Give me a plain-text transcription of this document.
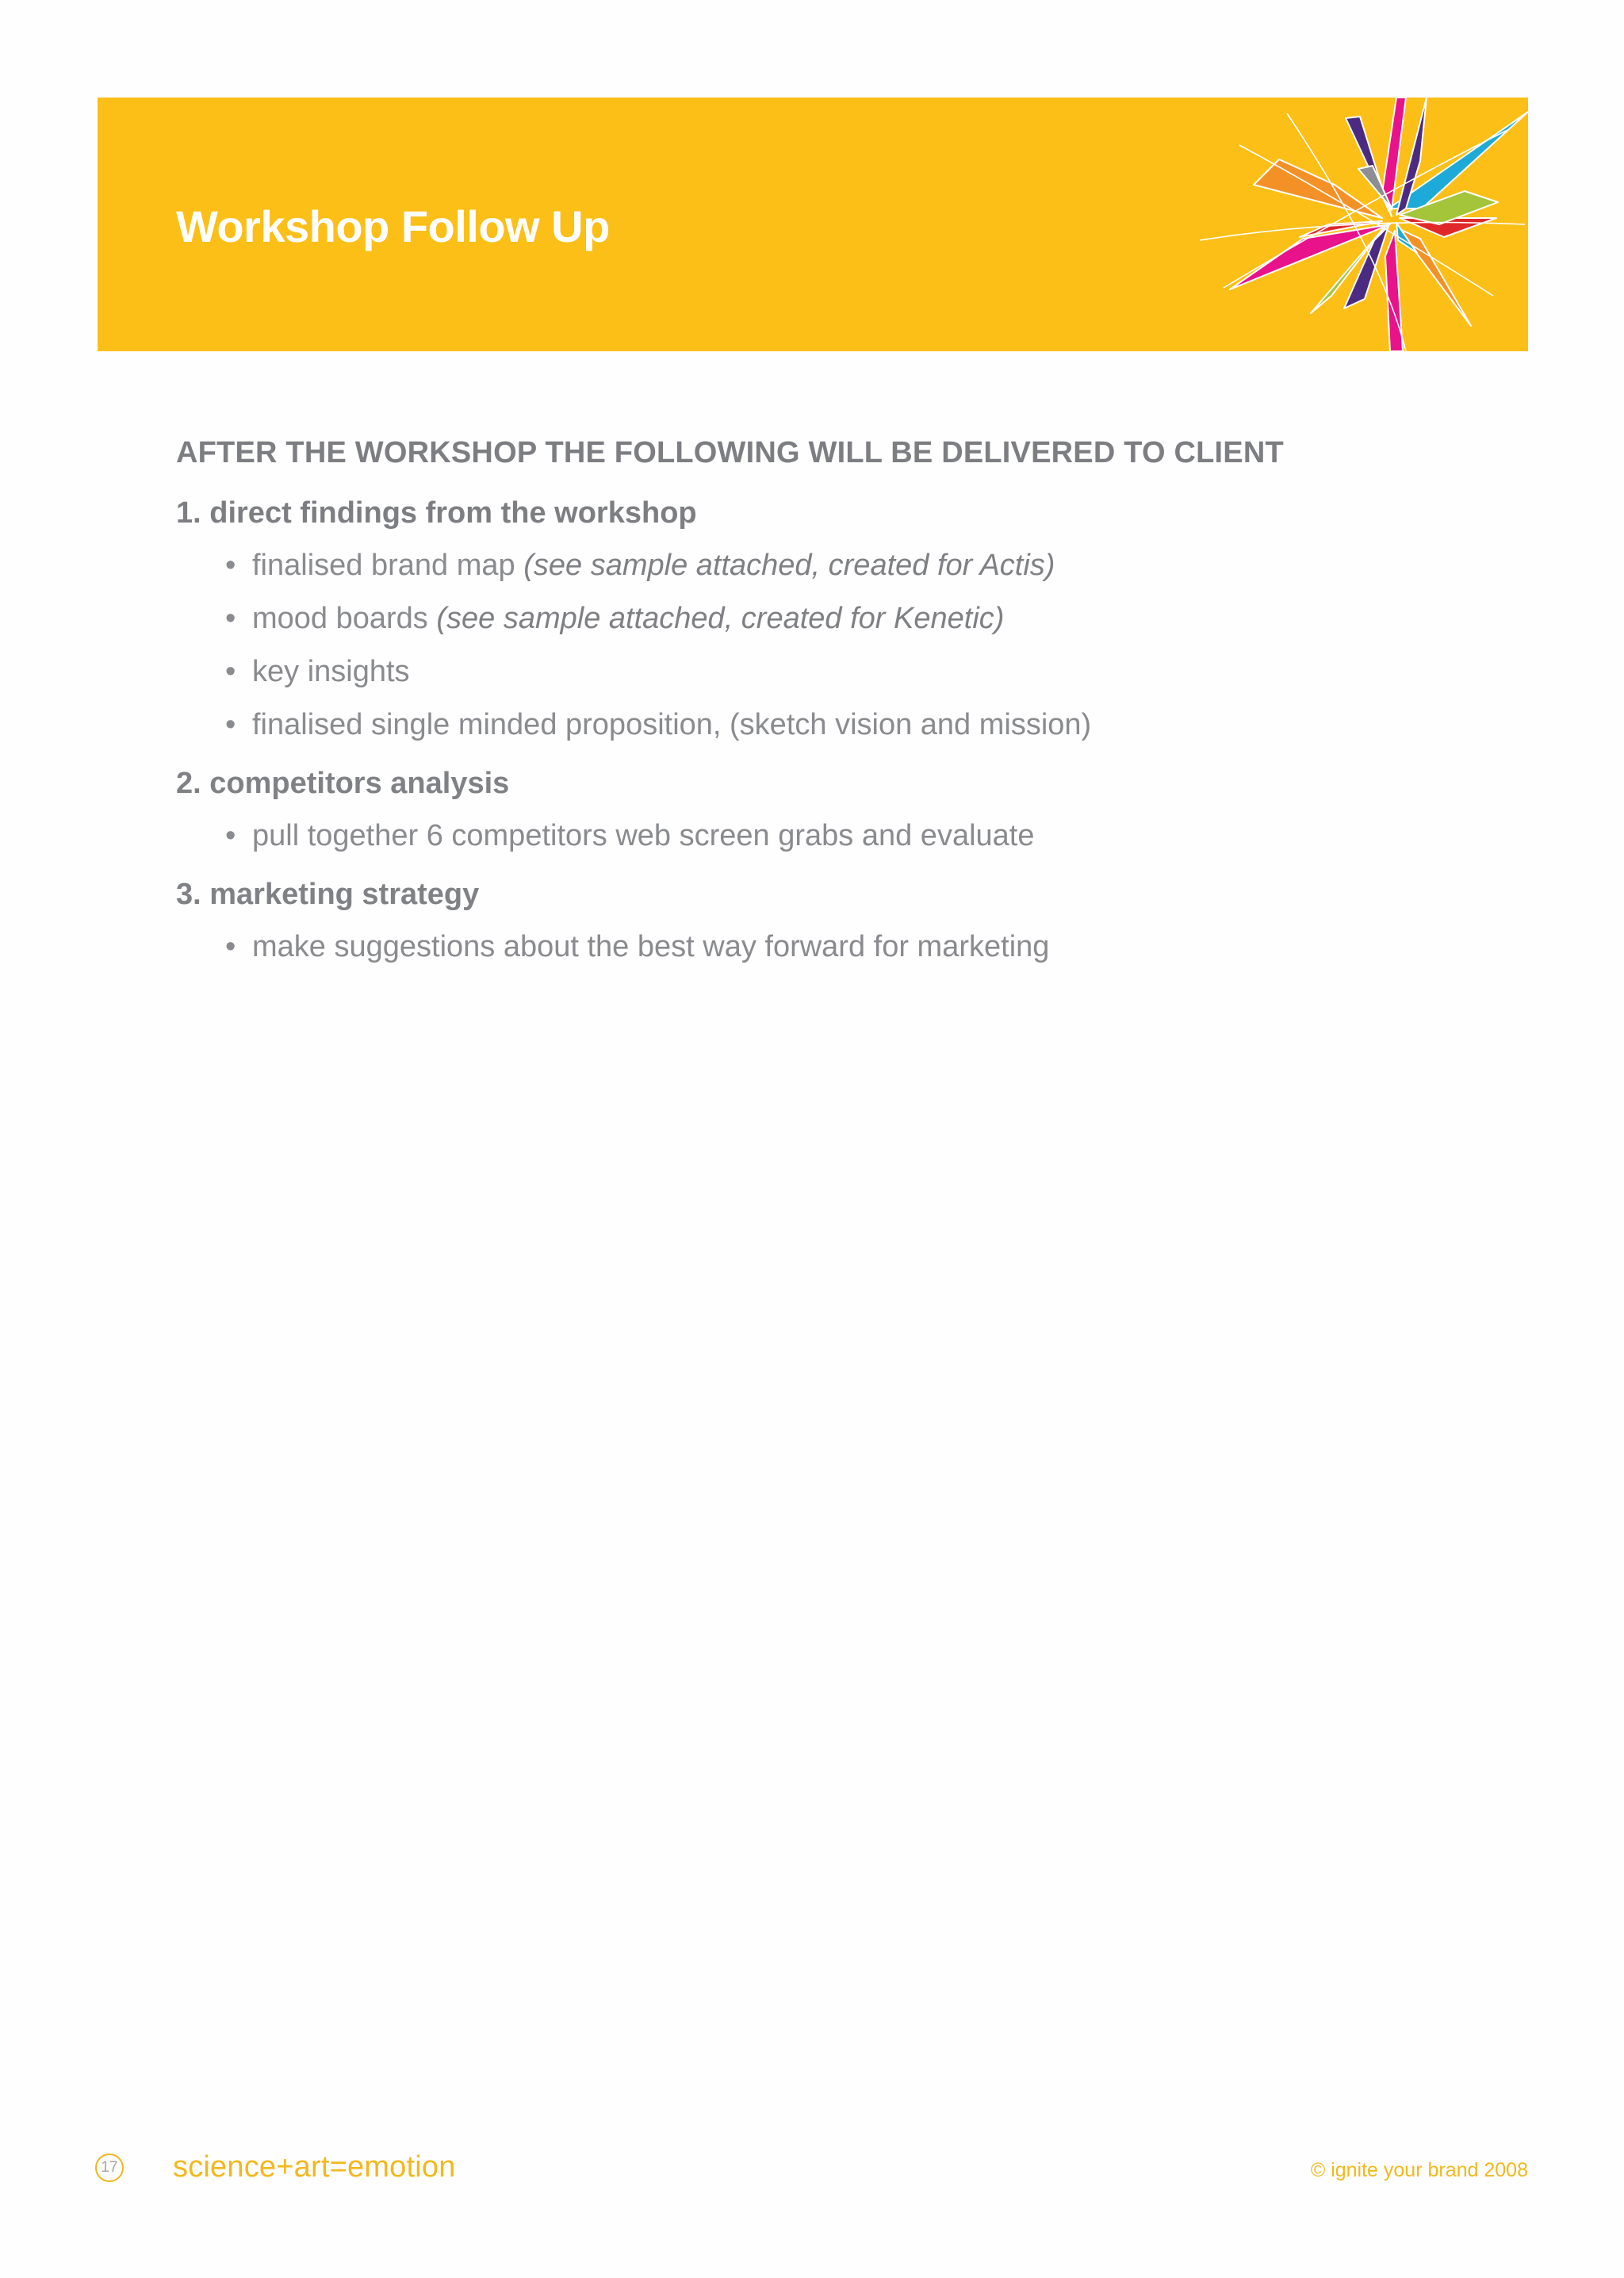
Workshop Follow Up

AFTER THE WORKSHOP THE FOLLOWING WILL BE DELIVERED TO CLIENT

1. direct findings from the workshop

• finalised brand map (see sample attached, created for Actis)
• mood boards (see sample attached, created for Kenetic)
• key insights
• finalised single minded proposition, (sketch vision and mission)

2. competitors analysis

• pull together 6 competitors web screen grabs and evaluate

3. marketing strategy

• make suggestions about the best way forward for marketing
17 science+art=emotion	© ignite your brand 2008
